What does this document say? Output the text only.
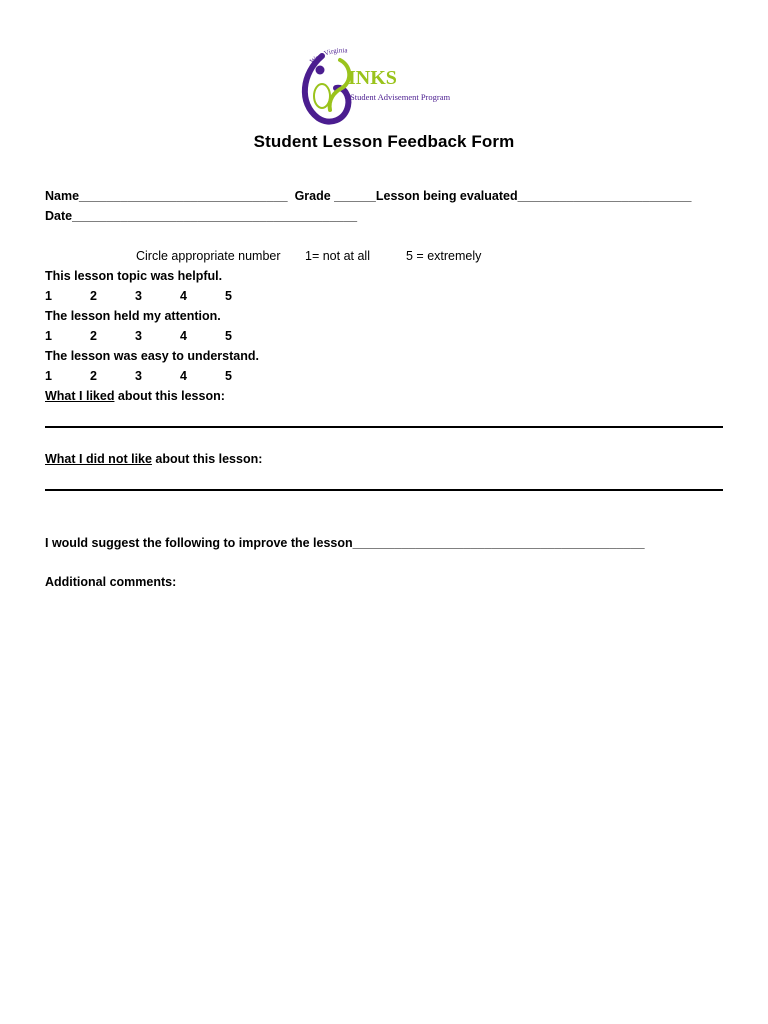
West Virginia
INKS
Student Advisement Program
Student Lesson Feedback Form
Name______________________________ Grade ______Lesson being evaluated_________________________
Date_________________________________________
Circle appropriate number 1= not at all	5 = extremely
This lesson topic was helpful.
1	2	3	4	5
The lesson held my attention.
1	2	3	4	5
The lesson was easy to understand.
1	2	3	4	5
What I liked about this lesson:
What I did not like about this lesson:
I would suggest the following to improve the lesson__________________________________________
Additional comments:
